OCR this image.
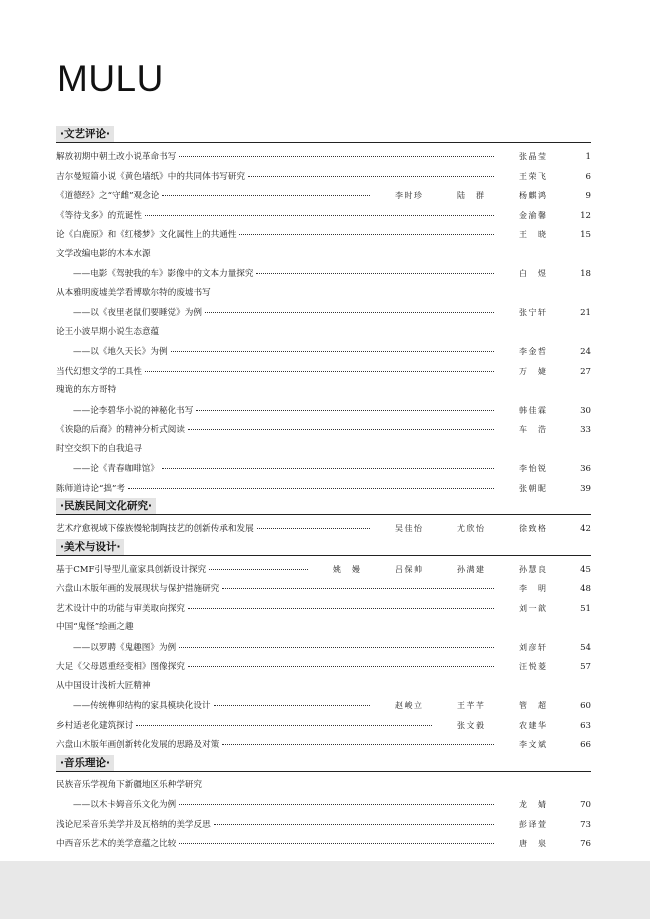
MULU
·文艺评论·
解放初期中朝土改小说革命书写	张晶莹	1
吉尔曼短篇小说《黄色墙纸》中的共同体书写研究	王荣飞	6
《道德经》之“守雌”观念论	李时珍	陆　群	杨麒鸿	9
《等待戈多》的荒诞性	金渝馨	12
论《白鹿原》和《红楼梦》文化属性上的共通性	王　晓	15
文学改编电影的木本水源
——电影《驾驶我的车》影像中的文本力量探究	白　煜	18
从本雅明废墟美学看博歇尔特的废墟书写
——以《夜里老鼠们要睡觉》为例	张宁轩	21
论王小波早期小说生态意蕴
——以《地久天长》为例	李金哲	24
当代幻想文学的工具性	万　婕	27
瑰诡的东方哥特
——论李碧华小说的神秘化书写	韩佳霖	30
《诶隐的后裔》的精神分析式阅读	车　浩	33
时空交织下的自我追寻
——论《青春咖啡馆》	李怡锐	36
陈师道诗论“拙”考	张朝昵	39
·民族民间文化研究·
艺术疗愈视域下傣族慢轮制陶技艺的创新传承和发展	吴佳怡	尤欣怡	徐致格	42
·美术与设计·
基于CMF引导型儿童家具创新设计探究	姚　嫚	吕保帅	孙满建	孙慧良	45
六盘山木版年画的发展现状与保护措施研究	李　明	48
艺术设计中的功能与审美取向探究	刘一歆	51
中国“鬼怪”绘画之趣
——以罗聘《鬼趣图》为例	刘彦轩	54
大足《父母恩重经变相》图像探究	汪悦菱	57
从中国设计浅析大匠精神
——传统榫卯结构的家具模块化设计	赵峻立	王芊芊	管　超	60
乡村适老化建筑探讨	张文毅	农建华	63
六盘山木版年画创新转化发展的思路及对策	李文斌	66
·音乐理论·
民族音乐学视角下新疆地区乐种学研究
——以木卡姆音乐文化为例	龙　婧	70
浅论尼采音乐美学并及瓦格纳的美学反思	彭译萱	73
中西音乐艺术的美学意蕴之比较	唐　泉	76
